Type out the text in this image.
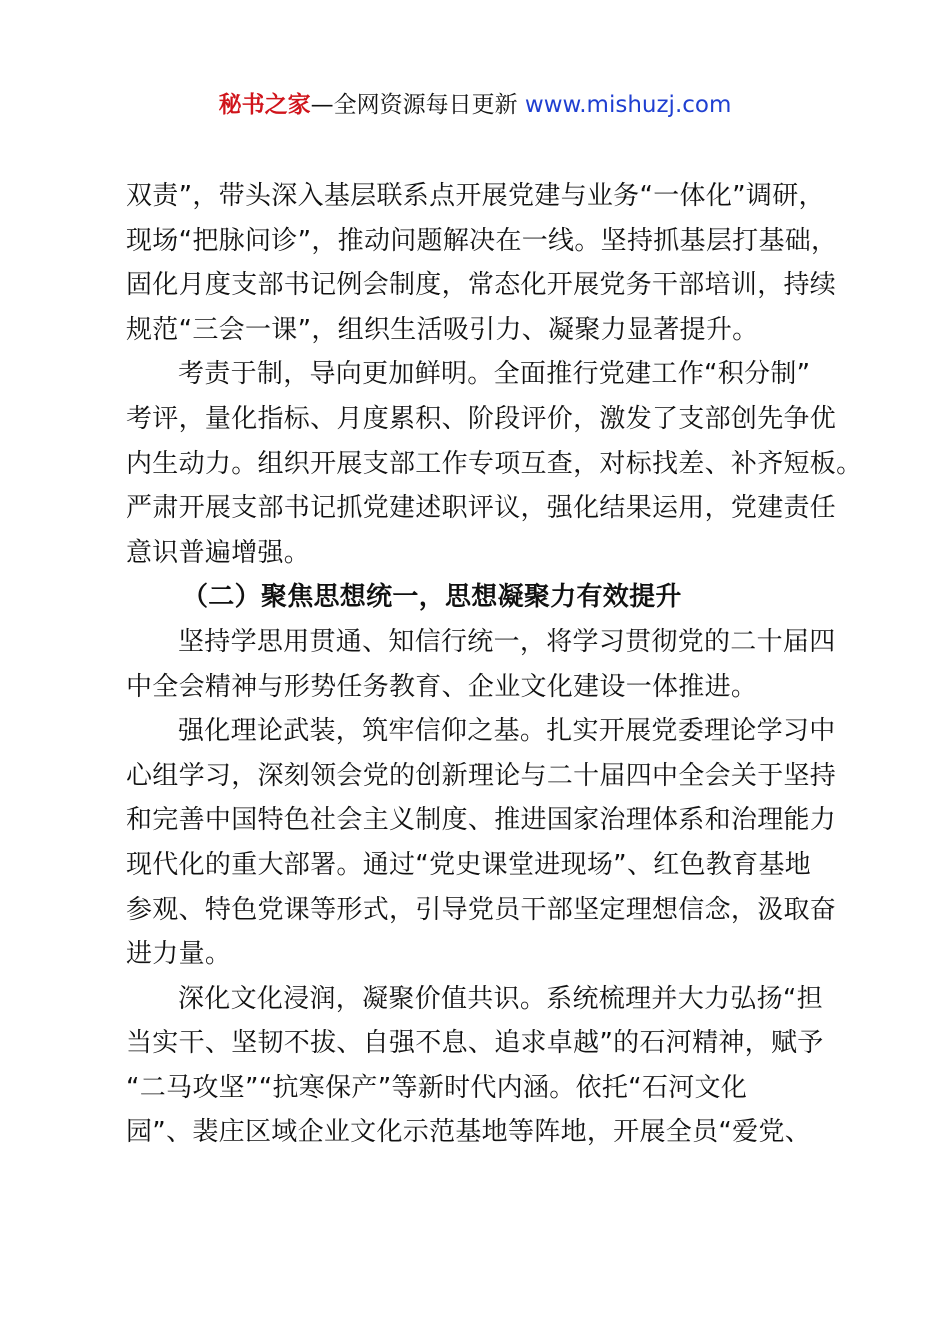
秘书之家—全网资源每日更新 www.mishuzj.com
双责”，带头深入基层联系点开展党建与业务“一体化”调研，
现场“把脉问诊”，推动问题解决在一线。坚持抓基层打基础，
固化月度支部书记例会制度，常态化开展党务干部培训，持续
规范“三会一课”，组织生活吸引力、凝聚力显著提升。
考责于制，导向更加鲜明。全面推行党建工作“积分制”
考评，量化指标、月度累积、阶段评价，激发了支部创先争优
内生动力。组织开展支部工作专项互查，对标找差、补齐短板。
严肃开展支部书记抓党建述职评议，强化结果运用，党建责任
意识普遍增强。
（二）聚焦思想统一，思想凝聚力有效提升
坚持学思用贯通、知信行统一，将学习贯彻党的二十届四
中全会精神与形势任务教育、企业文化建设一体推进。
强化理论武装，筑牢信仰之基。扎实开展党委理论学习中
心组学习，深刻领会党的创新理论与二十届四中全会关于坚持
和完善中国特色社会主义制度、推进国家治理体系和治理能力
现代化的重大部署。通过“党史课堂进现场”、红色教育基地
参观、特色党课等形式，引导党员干部坚定理想信念，汲取奋
进力量。
深化文化浸润，凝聚价值共识。系统梳理并大力弘扬“担
当实干、坚韧不拔、自强不息、追求卓越”的石河精神，赋予
“二马攻坚”“抗寒保产”等新时代内涵。依托“石河文化
园”、裴庄区域企业文化示范基地等阵地，开展全员“爱党、
